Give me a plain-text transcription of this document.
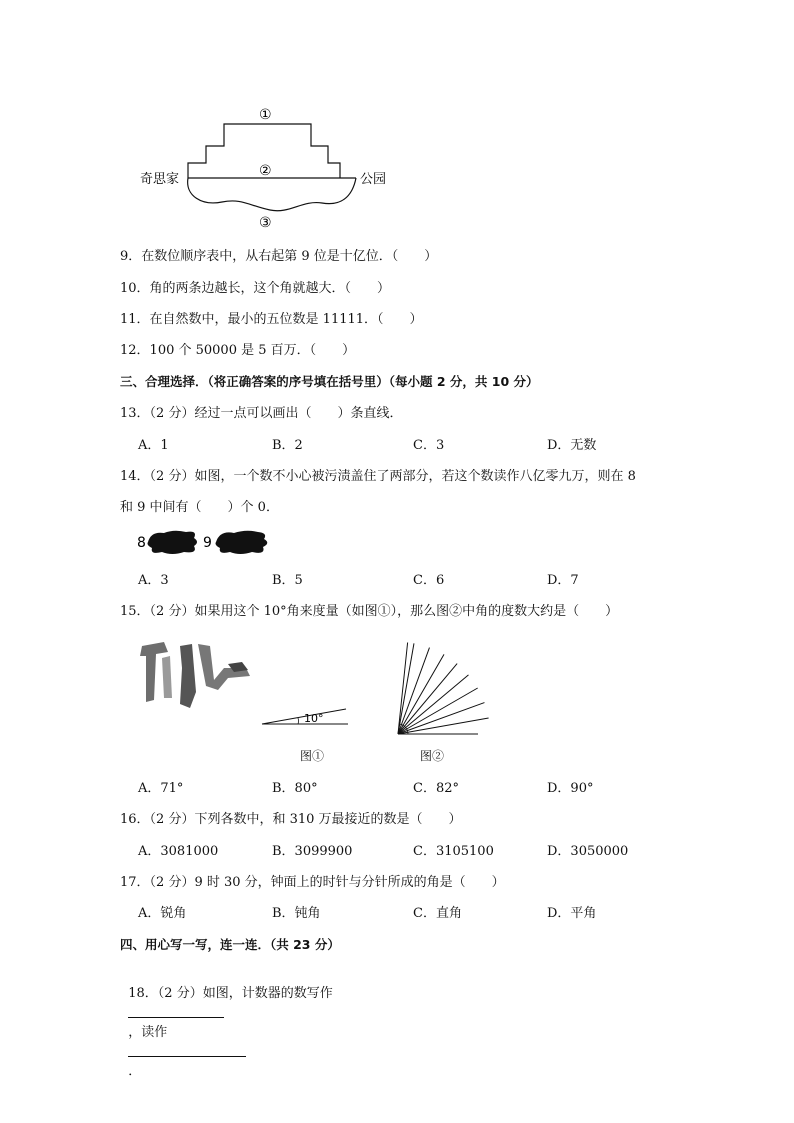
奇思家	公园
①
②
③
9．在数位顺序表中，从右起第 9 位是十亿位．（　　）
10．角的两条边越长，这个角就越大．（　　）
11．在自然数中，最小的五位数是 11111．（　　）
12．100 个 50000 是 5 百万．（　　）
三、合理选择．（将正确答案的序号填在括号里）（每小题 2 分，共 10 分）
13．（2 分）经过一点可以画出（　　）条直线．
A．1	B．2	C．3	D．无数
14．（2 分）如图，一个数不小心被污渍盖住了两部分，若这个数读作八亿零九万，则在 8
和 9 中间有（　　）个 0．
8	9
A．3	B．5	C．6	D．7
15．（2 分）如果用这个 10°角来度量（如图①），那么图②中角的度数大约是（　　）
10°
图①	图②
A．71°	B．80°	C．82°	D．90°
16．（2 分）下列各数中，和 310 万最接近的数是（　　）
A．3081000	B．3099900	C．3105100	D．3050000
17．（2 分）9 时 30 分，钟面上的时针与分针所成的角是（　　）
A．锐角	B．钝角	C．直角	D．平角
四、用心写一写，连一连．（共 23 分）

18．（2 分）如图，计数器的数写作

，读作

．
